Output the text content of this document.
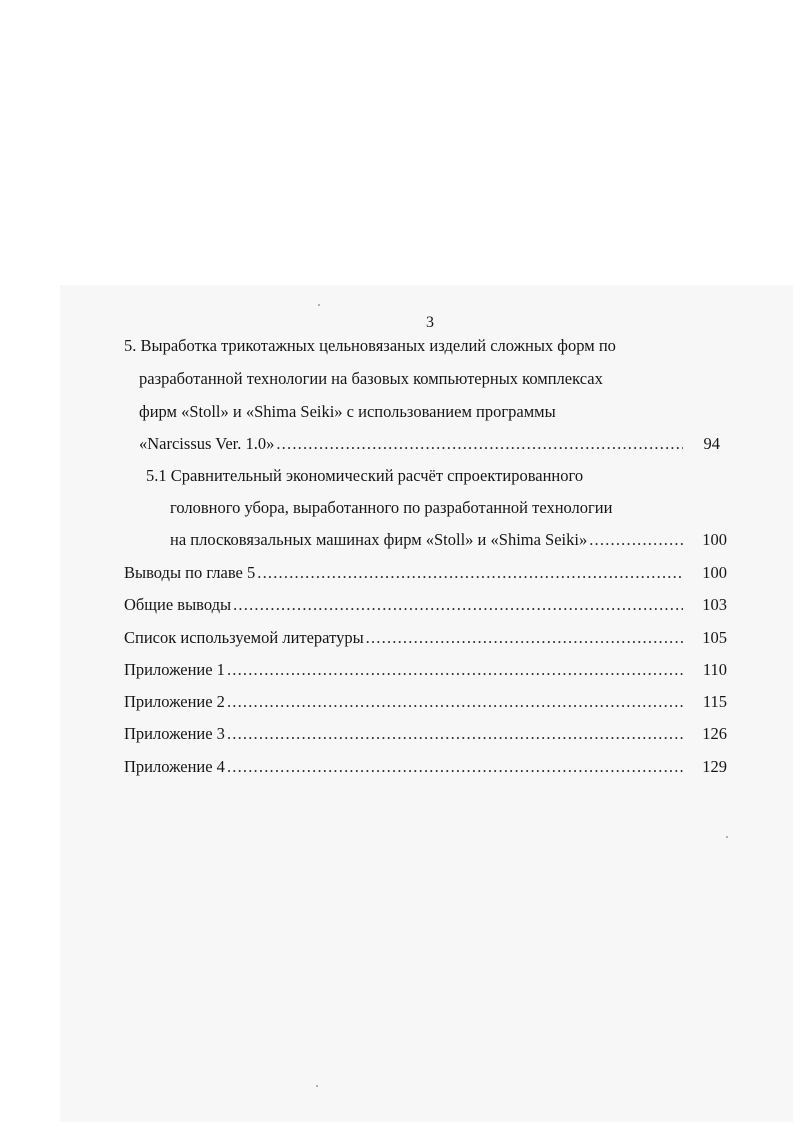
3
5. Выработка трикотажных цельновязаных изделий сложных форм по
разработанной технологии на базовых компьютерных комплексах
фирм «Stoll» и «Shima Seiki» с использованием программы
«Narcissus Ver. 1.0» .....	94
5.1 Сравнительный экономический расчёт спроектированного
головного убора, выработанного по разработанной технологии
на плосковязальных машинах фирм «Stoll» и «Shima Seiki» .....	100
Выводы по главе 5 .....	100
Общие выводы .....	103
Список используемой литературы .....	105
Приложение 1 .....	110
Приложение 2 .....	115
Приложение 3 .....	126
Приложение 4 .....	129
